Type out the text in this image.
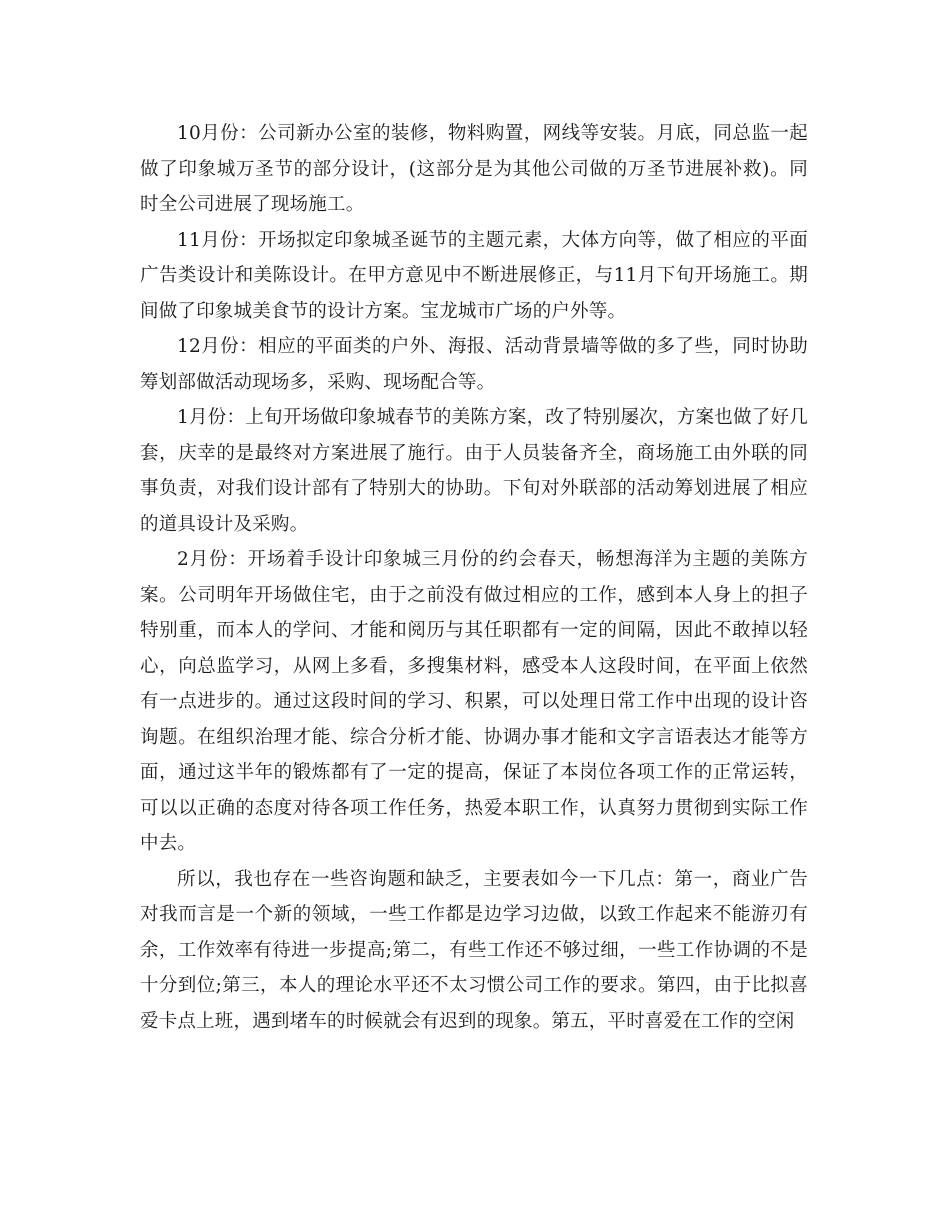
10月份：公司新办公室的装修，物料购置，网线等安装。月底，同总监一起做了印象城万圣节的部分设计，(这部分是为其他公司做的万圣节进展补救)。同时全公司进展了现场施工。

11月份：开场拟定印象城圣诞节的主题元素，大体方向等，做了相应的平面广告类设计和美陈设计。在甲方意见中不断进展修正，与11月下旬开场施工。期间做了印象城美食节的设计方案。宝龙城市广场的户外等。

12月份：相应的平面类的户外、海报、活动背景墙等做的多了些，同时协助筹划部做活动现场多，采购、现场配合等。

1月份：上旬开场做印象城春节的美陈方案，改了特别屡次，方案也做了好几套，庆幸的是最终对方案进展了施行。由于人员装备齐全，商场施工由外联的同事负责，对我们设计部有了特别大的协助。下旬对外联部的活动筹划进展了相应的道具设计及采购。

2月份：开场着手设计印象城三月份的约会春天，畅想海洋为主题的美陈方案。公司明年开场做住宅，由于之前没有做过相应的工作，感到本人身上的担子特别重，而本人的学问、才能和阅历与其任职都有一定的间隔，因此不敢掉以轻心，向总监学习，从网上多看，多搜集材料，感受本人这段时间，在平面上依然有一点进步的。通过这段时间的学习、积累，可以处理日常工作中出现的设计咨询题。在组织治理才能、综合分析才能、协调办事才能和文字言语表达才能等方面，通过这半年的锻炼都有了一定的提高，保证了本岗位各项工作的正常运转，可以以正确的态度对待各项工作任务，热爱本职工作，认真努力贯彻到实际工作中去。

所以，我也存在一些咨询题和缺乏，主要表如今一下几点：第一，商业广告对我而言是一个新的领域，一些工作都是边学习边做，以致工作起来不能游刃有余，工作效率有待进一步提高;第二，有些工作还不够过细，一些工作协调的不是十分到位;第三，本人的理论水平还不太习惯公司工作的要求。第四，由于比拟喜爱卡点上班，遇到堵车的时候就会有迟到的现象。第五，平时喜爱在工作的空闲
